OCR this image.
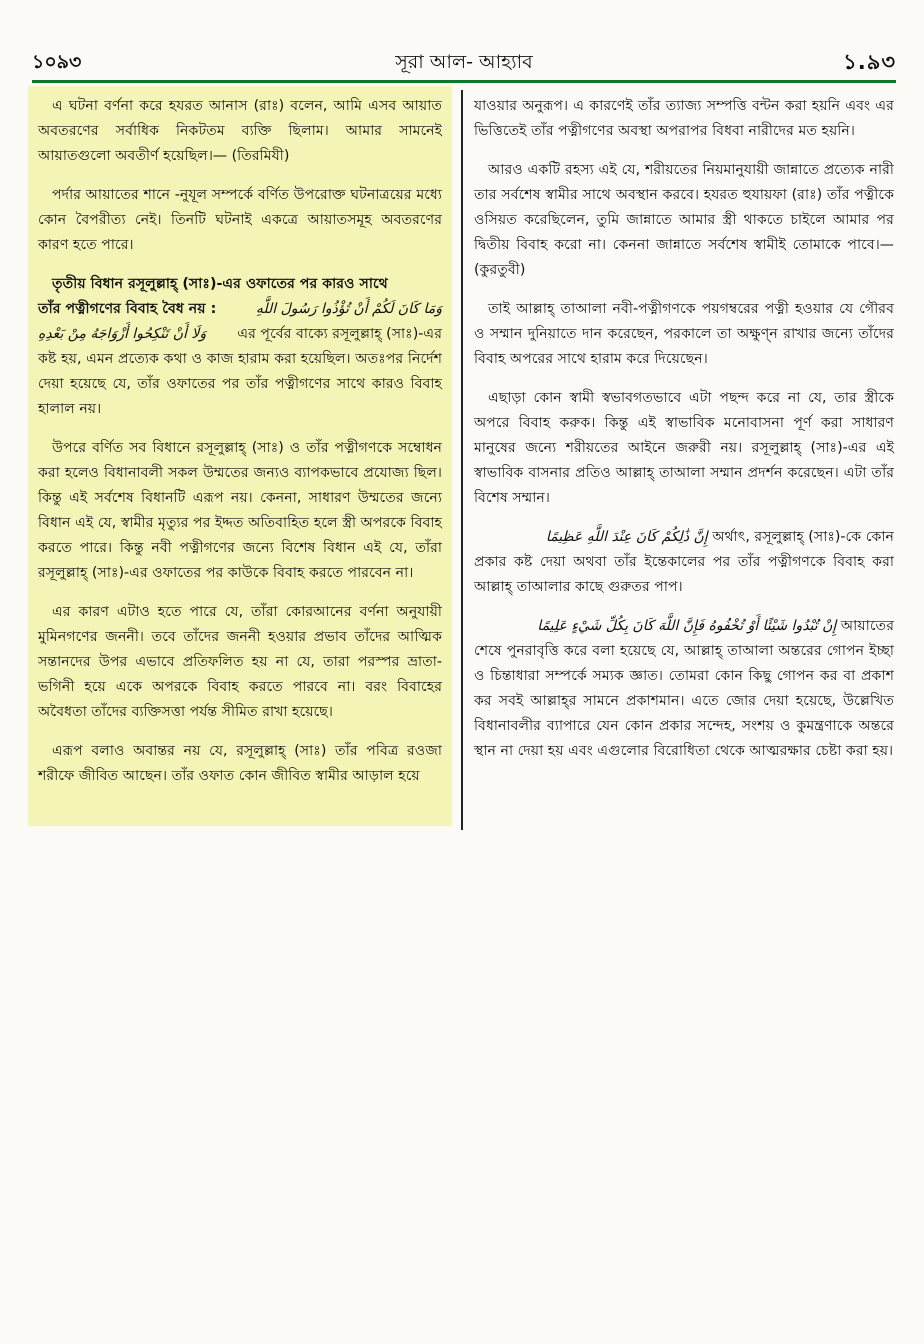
১০৯৩	সূরা আল- আহ্যাব	১.৯৩

এ ঘটনা বর্ণনা করে হযরত আনাস (রাঃ) বলেন, আমি এসব আয়াত অবতরণের সর্বাধিক নিকটতম ব্যক্তি ছিলাম। আমার সামনেই আয়াতগুলো অবতীর্ণ হয়েছিল।— (তিরমিযী)

পর্দার আয়াতের শানে -নুযূল সম্পর্কে বর্ণিত উপরোক্ত ঘটনাত্রয়ের মধ্যে কোন বৈপরীত্য নেই। তিনটি ঘটনাই একত্রে আয়াতসমূহ অবতরণের কারণ হতে পারে।

তৃতীয় বিধান রসূলুল্লাহ্ (সাঃ)-এর ওফাতের পর কারও সাথে
তাঁর পত্নীগণের বিবাহ বৈধ নয় :	وَمَا كَانَ لَكُمْ أَنْ تُؤْذُوا رَسُولَ اللَّهِ
وَلَا أَنْ تَنْكِحُوا أَزْوَاجَهُ مِنْ بَعْدِهِ এর পূর্বের বাক্যে রসূলুল্লাহ্ (সাঃ)-এর

কষ্ট হয়, এমন প্রত্যেক কথা ও কাজ হারাম করা হয়েছিল। অতঃপর নির্দেশ দেয়া হয়েছে যে, তাঁর ওফাতের পর তাঁর পত্নীগণের সাথে কারও বিবাহ হালাল নয়।

উপরে বর্ণিত সব বিধানে রসূলুল্লাহ্ (সাঃ) ও তাঁর পত্নীগণকে সম্বোধন করা হলেও বিধানাবলী সকল উম্মতের জন্যও ব্যাপকভাবে প্রযোজ্য ছিল। কিন্তু এই সর্বশেষ বিধানটি এরূপ নয়। কেননা, সাধারণ উম্মতের জন্যে বিধান এই যে, স্বামীর মৃত্যুর পর ইদ্দত অতিবাহিত হলে স্ত্রী অপরকে বিবাহ করতে পারে। কিন্তু নবী পত্নীগণের জন্যে বিশেষ বিধান এই যে, তাঁরা রসূলুল্লাহ্ (সাঃ)-এর ওফাতের পর কাউকে বিবাহ করতে পারবেন না।

এর কারণ এটাও হতে পারে যে, তাঁরা কোরআনের বর্ণনা অনুযায়ী মুমিনগণের জননী। তবে তাঁদের জননী হওয়ার প্রভাব তাঁদের আত্মিক সন্তানদের উপর এভাবে প্রতিফলিত হয় না যে, তারা পরস্পর ভ্রাতা-ভগিনী হয়ে একে অপরকে বিবাহ করতে পারবে না। বরং বিবাহের অবৈধতা তাঁদের ব্যক্তিসত্তা পর্যন্ত সীমিত রাখা হয়েছে।

এরূপ বলাও অবান্তর নয় যে, রসূলুল্লাহ্ (সাঃ) তাঁর পবিত্র রওজা শরীফে জীবিত আছেন। তাঁর ওফাত কোন জীবিত স্বামীর আড়াল হয়ে

যাওয়ার অনুরূপ। এ কারণেই তাঁর ত্যাজ্য সম্পত্তি বন্টন করা হয়নি এবং এর ভিত্তিতেই তাঁর পত্নীগণের অবস্থা অপরাপর বিধবা নারীদের মত হয়নি।

আরও একটি রহস্য এই যে, শরীয়তের নিয়মানুযায়ী জান্নাতে প্রত্যেক নারী তার সর্বশেষ স্বামীর সাথে অবস্থান করবে। হযরত হুযায়ফা (রাঃ) তাঁর পত্নীকে ওসিয়ত করেছিলেন, তুমি জান্নাতে আমার স্ত্রী থাকতে চাইলে আমার পর দ্বিতীয় বিবাহ করো না। কেননা জান্নাতে সর্বশেষ স্বামীই তোমাকে পাবে।—(কুরতুবী)

তাই আল্লাহ্ তাআলা নবী-পত্নীগণকে পয়গম্বরের পত্নী হওয়ার যে গৌরব ও সম্মান দুনিয়াতে দান করেছেন, পরকালে তা অক্ষুণ্ন রাখার জন্যে তাঁদের বিবাহ অপরের সাথে হারাম করে দিয়েছেন।

এছাড়া কোন স্বামী স্বভাবগতভাবে এটা পছন্দ করে না যে, তার স্ত্রীকে অপরে বিবাহ করুক। কিন্তু এই স্বাভাবিক মনোবাসনা পূর্ণ করা সাধারণ মানুষের জন্যে শরীয়তের আইনে জরুরী নয়। রসূলুল্লাহ্ (সাঃ)-এর এই স্বাভাবিক বাসনার প্রতিও আল্লাহ্ তাআলা সম্মান প্রদর্শন করেছেন। এটা তাঁর বিশেষ সম্মান।

إِنَّ ذَٰلِكُمْ كَانَ عِنْدَ اللَّهِ عَظِيمًا অর্থাৎ, রসূলুল্লাহ্ (সাঃ)-কে কোন

প্রকার কষ্ট দেয়া অথবা তাঁর ইন্তেকালের পর তাঁর পত্নীগণকে বিবাহ করা আল্লাহ্ তাআলার কাছে গুরুতর পাপ।

إِنْ تُبْدُوا شَيْئًا أَوْ تُخْفُوهُ فَإِنَّ اللَّهَ كَانَ بِكُلِّ شَيْءٍ عَلِيمًا আয়াতের

শেষে পুনরাবৃত্তি করে বলা হয়েছে যে, আল্লাহ্ তাআলা অন্তরের গোপন ইচ্ছা ও চিন্তাধারা সম্পর্কে সম্যক জ্ঞাত। তোমরা কোন কিছু গোপন কর বা প্রকাশ কর সবই আল্লাহ্‌র সামনে প্রকাশমান। এতে জোর দেয়া হয়েছে, উল্লেখিত বিধানাবলীর ব্যাপারে যেন কোন প্রকার সন্দেহ, সংশয় ও কুমন্ত্রণাকে অন্তরে স্থান না দেয়া হয় এবং এগুলোর বিরোধিতা থেকে আত্মরক্ষার চেষ্টা করা হয়।
